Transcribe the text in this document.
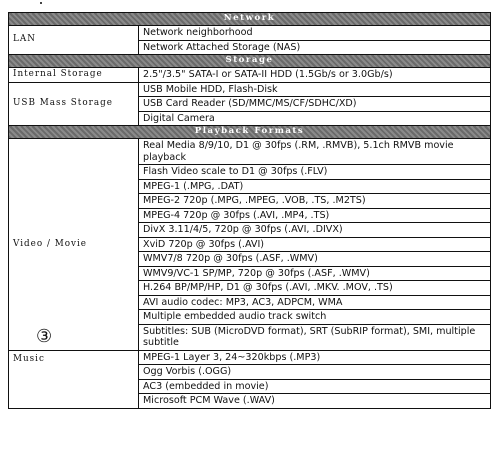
Network	
LAN	Network neighborhood
	Network Attached Storage (NAS)
Storage	
Internal Storage	2.5"/3.5" SATA-I or SATA-II HDD (1.5Gb/s or 3.0Gb/s)
USB Mass Storage	USB Mobile HDD, Flash-Disk
	USB Card Reader (SD/MMC/MS/CF/SDHC/XD)
	Digital Camera
Playback Formats	
Video / Movie	Real Media 8/9/10, D1 @ 30fps (.RM, .RMVB), 5.1ch RMVB movie playback
	Flash Video scale to D1 @ 30fps (.FLV)
	MPEG-1 (.MPG, .DAT)
	MPEG-2 720p (.MPG, .MPEG, .VOB, .TS, .M2TS)
	MPEG-4 720p @ 30fps (.AVI, .MP4, .TS)
	DivX 3.11/4/5, 720p @ 30fps (.AVI, .DIVX)
	XviD 720p @ 30fps (.AVI)
	WMV7/8 720p @ 30fps (.ASF, .WMV)
	WMV9/VC-1 SP/MP, 720p @ 30fps (.ASF, .WMV)
	H.264 BP/MP/HP, D1 @ 30fps (.AVI, .MKV. .MOV, .TS)
	AVI audio codec: MP3, AC3, ADPCM, WMA
	Multiple embedded audio track switch
	Subtitles: SUB (MicroDVD format), SRT (SubRIP format), SMI, multiple subtitle
Music	MPEG-1 Layer 3, 24~320kbps (.MP3)
	Ogg Vorbis (.OGG)
	AC3 (embedded in movie)
	Microsoft PCM Wave (.WAV)
③
